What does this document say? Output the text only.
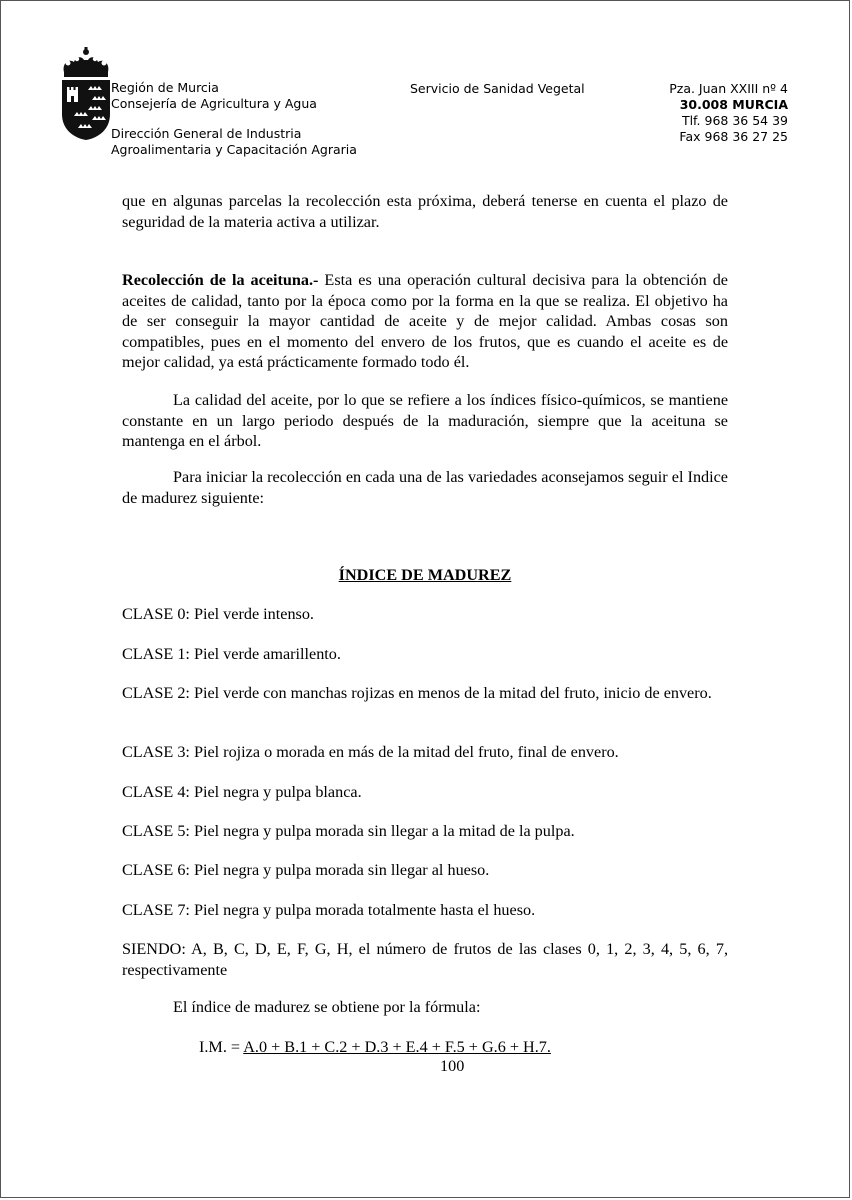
Región de Murcia
Consejería de Agricultura y Agua
Dirección General de Industria
Agroalimentaria y Capacitación Agraria
Servicio de Sanidad Vegetal	Pza. Juan XXIII nº 4
30.008 MURCIA
Tlf. 968 36 54 39
Fax 968 36 27 25
que en algunas parcelas la recolección esta próxima, deberá tenerse en cuenta el plazo de seguridad de la materia activa a utilizar.
Recolección de la aceituna.- Esta es una operación cultural decisiva para la obtención de aceites de calidad, tanto por la época como por la forma en la que se realiza. El objetivo ha de ser conseguir la mayor cantidad de aceite y de mejor calidad. Ambas cosas son compatibles, pues en el momento del envero de los frutos, que es cuando el aceite es de mejor calidad, ya está prácticamente formado todo él.
La calidad del aceite, por lo que se refiere a los índices físico-químicos, se mantiene constante en un largo periodo después de la maduración, siempre que la aceituna se mantenga en el árbol.
Para iniciar la recolección en cada una de las variedades aconsejamos seguir el Indice de madurez siguiente:
ÍNDICE DE MADUREZ
CLASE 0: Piel verde intenso.
CLASE 1: Piel verde amarillento.
CLASE 2: Piel verde con manchas rojizas en menos de la mitad del fruto, inicio de envero.
CLASE 3: Piel rojiza o morada en más de la mitad del fruto, final de envero.
CLASE 4: Piel negra y pulpa blanca.
CLASE 5: Piel negra y pulpa morada sin llegar a la mitad de la pulpa.
CLASE 6: Piel negra y pulpa morada sin llegar al hueso.
CLASE 7: Piel negra y pulpa morada totalmente hasta el hueso.
SIENDO: A, B, C, D, E, F, G, H, el número de frutos de las clases 0, 1, 2, 3, 4, 5, 6, 7, respectivamente
El índice de madurez se obtiene por la fórmula:
I.M. = A.0 + B.1 + C.2 + D.3 + E.4 + F.5 + G.6 + H.7.
100
